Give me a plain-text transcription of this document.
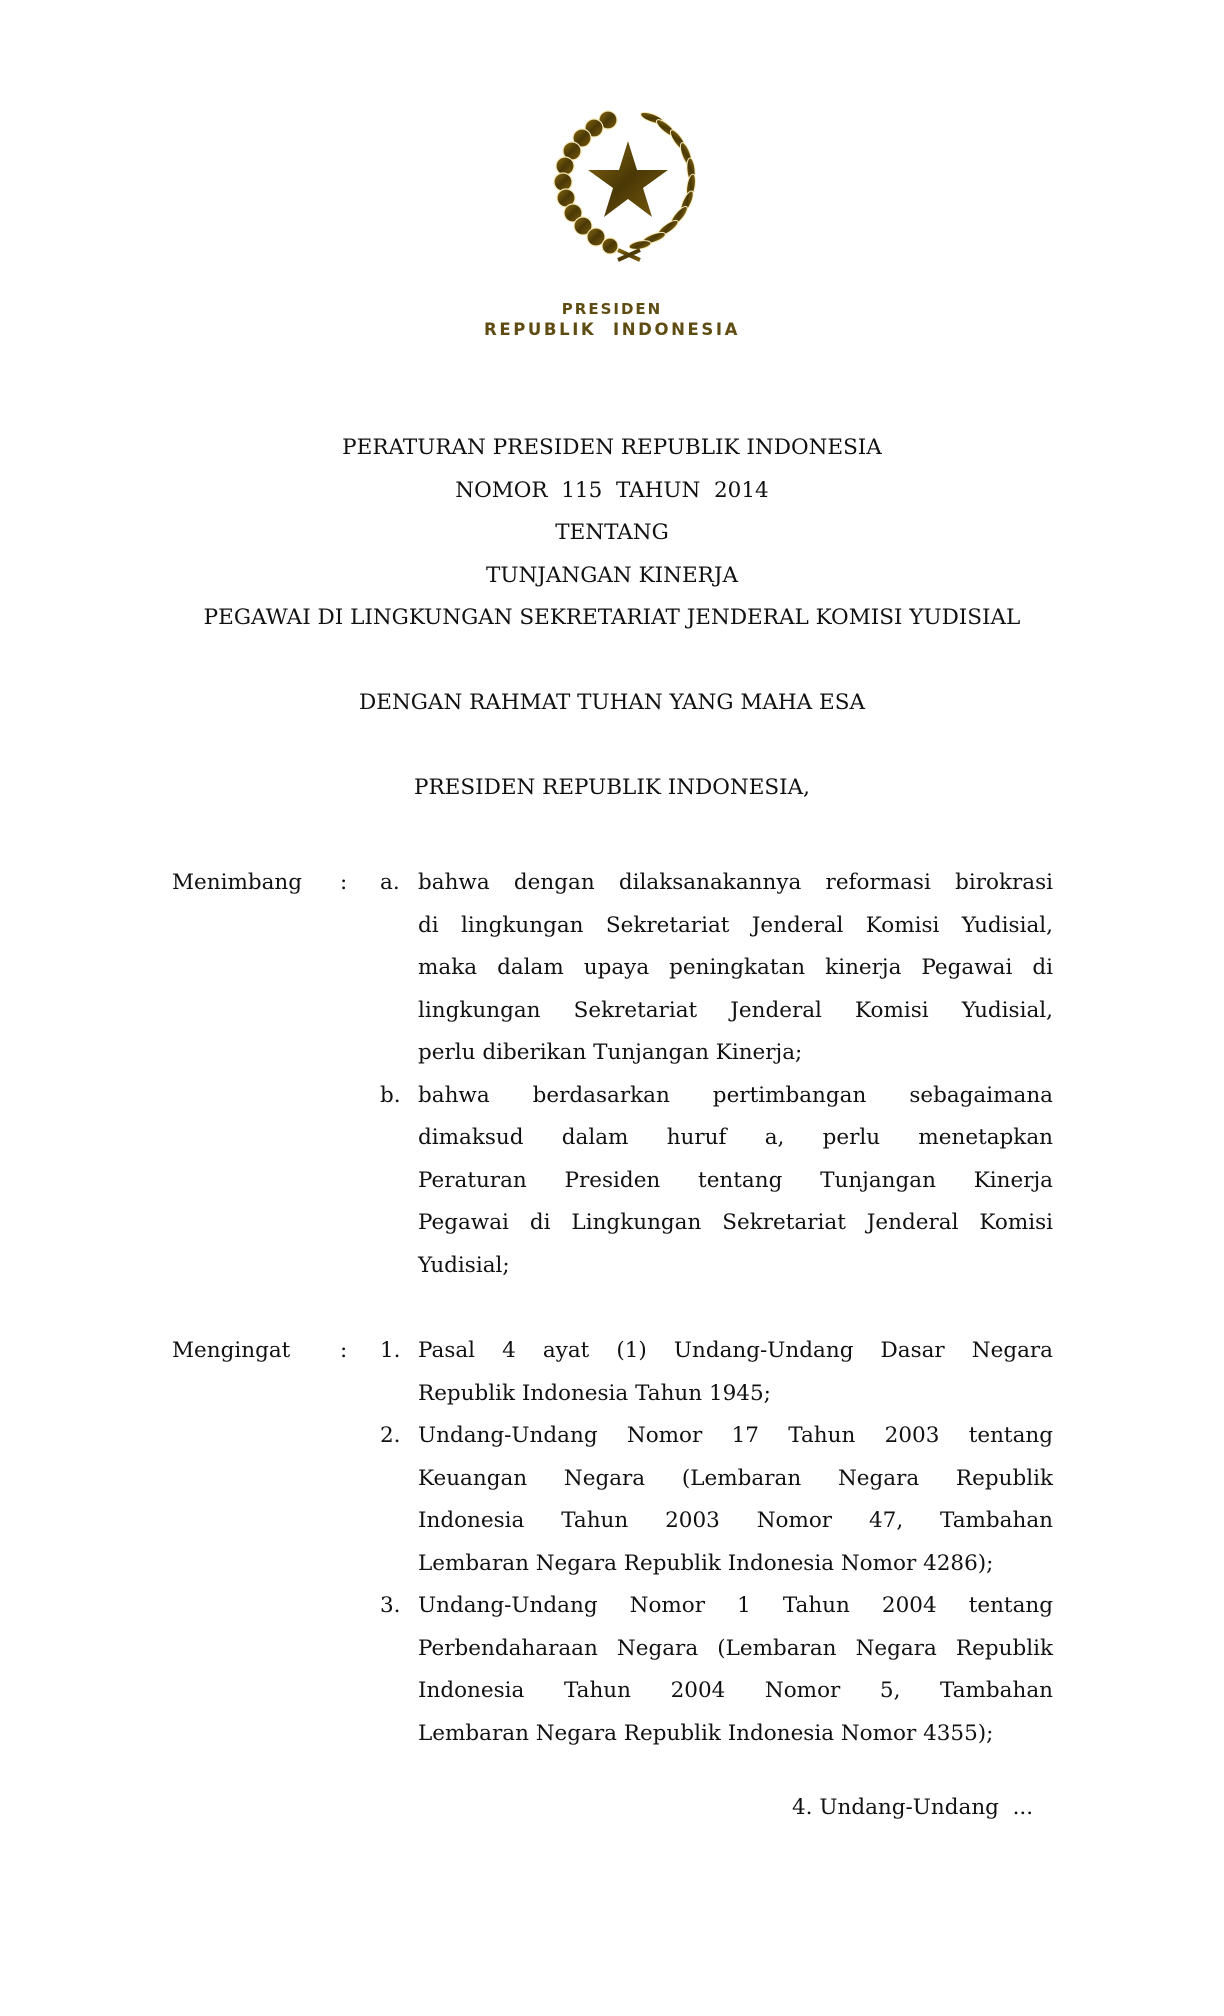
PRESIDEN
REPUBLIK  INDONESIA
PERATURAN PRESIDEN REPUBLIK INDONESIA
NOMOR  115  TAHUN  2014
TENTANG
TUNJANGAN KINERJA
PEGAWAI DI LINGKUNGAN SEKRETARIAT JENDERAL KOMISI YUDISIAL
DENGAN RAHMAT TUHAN YANG MAHA ESA
PRESIDEN REPUBLIK INDONESIA,
Menimbang : a. bahwa dengan dilaksanakannya reformasi birokrasi
di lingkungan Sekretariat Jenderal Komisi Yudisial,
maka dalam upaya peningkatan kinerja Pegawai di
lingkungan Sekretariat Jenderal Komisi Yudisial,
perlu diberikan Tunjangan Kinerja;
b. bahwa berdasarkan pertimbangan sebagaimana
dimaksud dalam huruf a, perlu menetapkan
Peraturan Presiden tentang Tunjangan Kinerja
Pegawai di Lingkungan Sekretariat Jenderal Komisi
Yudisial;
Mengingat : 1. Pasal 4 ayat (1) Undang-Undang Dasar Negara
Republik Indonesia Tahun 1945;
2. Undang-Undang Nomor 17 Tahun 2003 tentang
Keuangan Negara (Lembaran Negara Republik
Indonesia Tahun 2003 Nomor 47, Tambahan
Lembaran Negara Republik Indonesia Nomor 4286);
3. Undang-Undang Nomor 1 Tahun 2004 tentang
Perbendaharaan Negara (Lembaran Negara Republik
Indonesia Tahun 2004 Nomor 5, Tambahan
Lembaran Negara Republik Indonesia Nomor 4355);
4. Undang-Undang  ...
